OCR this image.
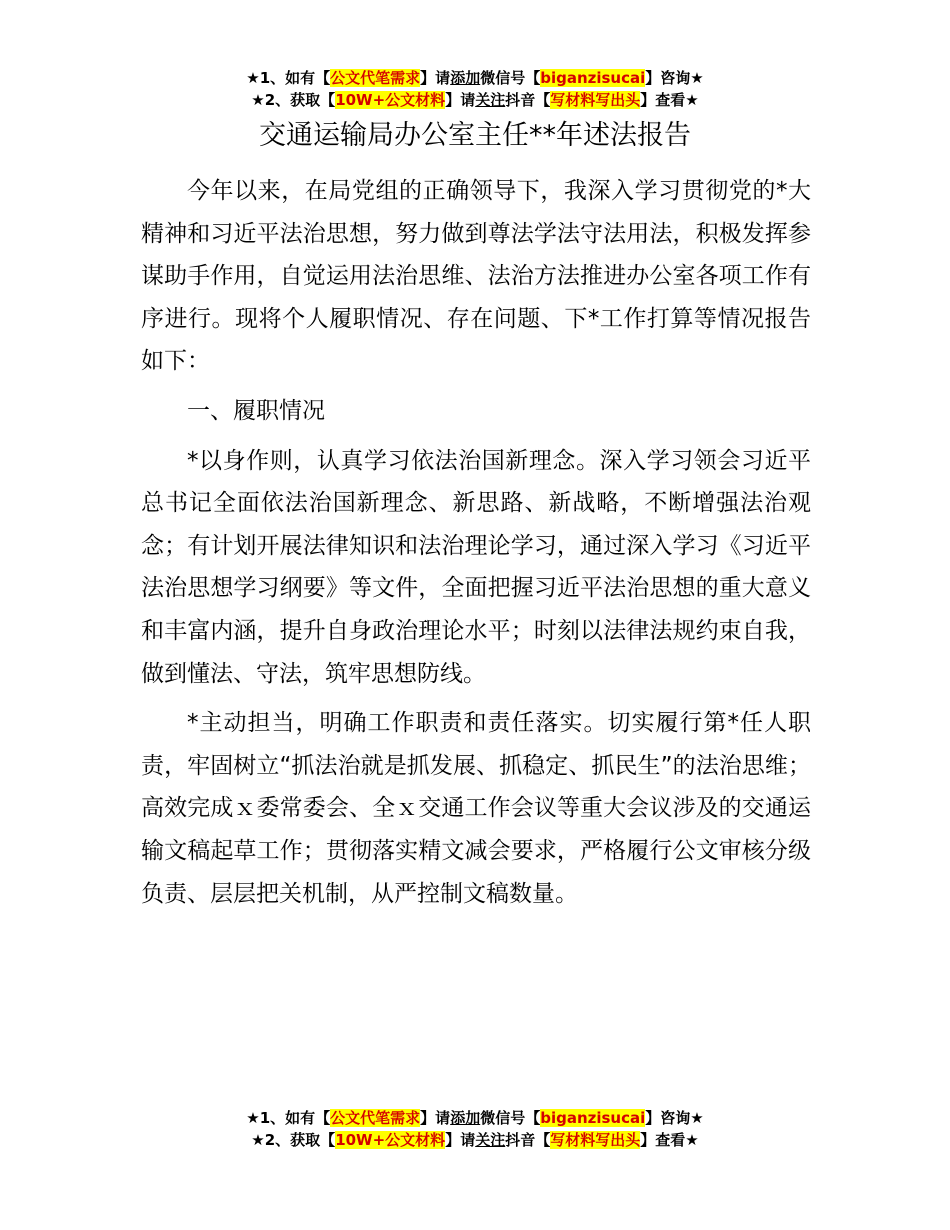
★1、如有【公文代笔需求】请添加微信号【biganzisucai】咨询★
★2、获取【10W+公文材料】请关注抖音【写材料写出头】查看★
交通运输局办公室主任**年述法报告

今年以来，在局党组的正确领导下，我深入学习贯彻党的*大精神和习近平法治思想，努力做到尊法学法守法用法，积极发挥参谋助手作用，自觉运用法治思维、法治方法推进办公室各项工作有序进行。现将个人履职情况、存在问题、下*工作打算等情况报告如下：

一、履职情况

*以身作则，认真学习依法治国新理念。深入学习领会习近平总书记全面依法治国新理念、新思路、新战略，不断增强法治观念；有计划开展法律知识和法治理论学习，通过深入学习《习近平法治思想学习纲要》等文件，全面把握习近平法治思想的重大意义和丰富内涵，提升自身政治理论水平；时刻以法律法规约束自我，做到懂法、守法，筑牢思想防线。

*主动担当，明确工作职责和责任落实。切实履行第*任人职责，牢固树立“抓法治就是抓发展、抓稳定、抓民生”的法治思维；高效完成ｘ委常委会、全ｘ交通工作会议等重大会议涉及的交通运输文稿起草工作；贯彻落实精文减会要求，严格履行公文审核分级负责、层层把关机制，从严控制文稿数量。

★1、如有【公文代笔需求】请添加微信号【biganzisucai】咨询★
★2、获取【10W+公文材料】请关注抖音【写材料写出头】查看★
